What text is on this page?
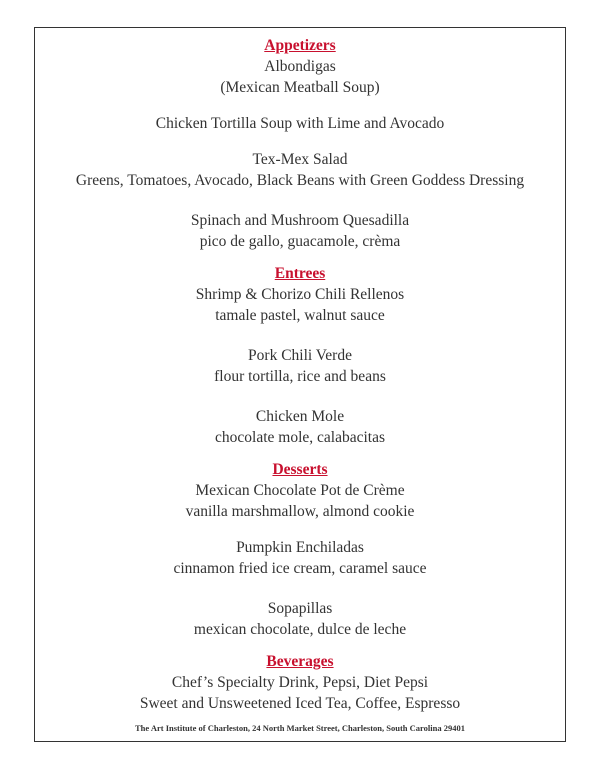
Appetizers

Albondigas

(Mexican Meatball Soup)

Chicken Tortilla Soup with Lime and Avocado

Tex-Mex Salad

Greens, Tomatoes, Avocado, Black Beans with Green Goddess Dressing

Spinach and Mushroom Quesadilla

pico de gallo, guacamole, crèma

Entrees

Shrimp & Chorizo Chili Rellenos

tamale pastel, walnut sauce

Pork Chili Verde

flour tortilla, rice and beans

Chicken Mole

chocolate mole, calabacitas

Desserts

Mexican Chocolate Pot de Crème

vanilla marshmallow, almond cookie

Pumpkin Enchiladas

cinnamon fried ice cream, caramel sauce

Sopapillas

mexican chocolate, dulce de leche

Beverages

Chef’s Specialty Drink, Pepsi, Diet Pepsi

Sweet and Unsweetened Iced Tea, Coffee, Espresso

The Art Institute of Charleston, 24 North Market Street, Charleston, South Carolina 29401
